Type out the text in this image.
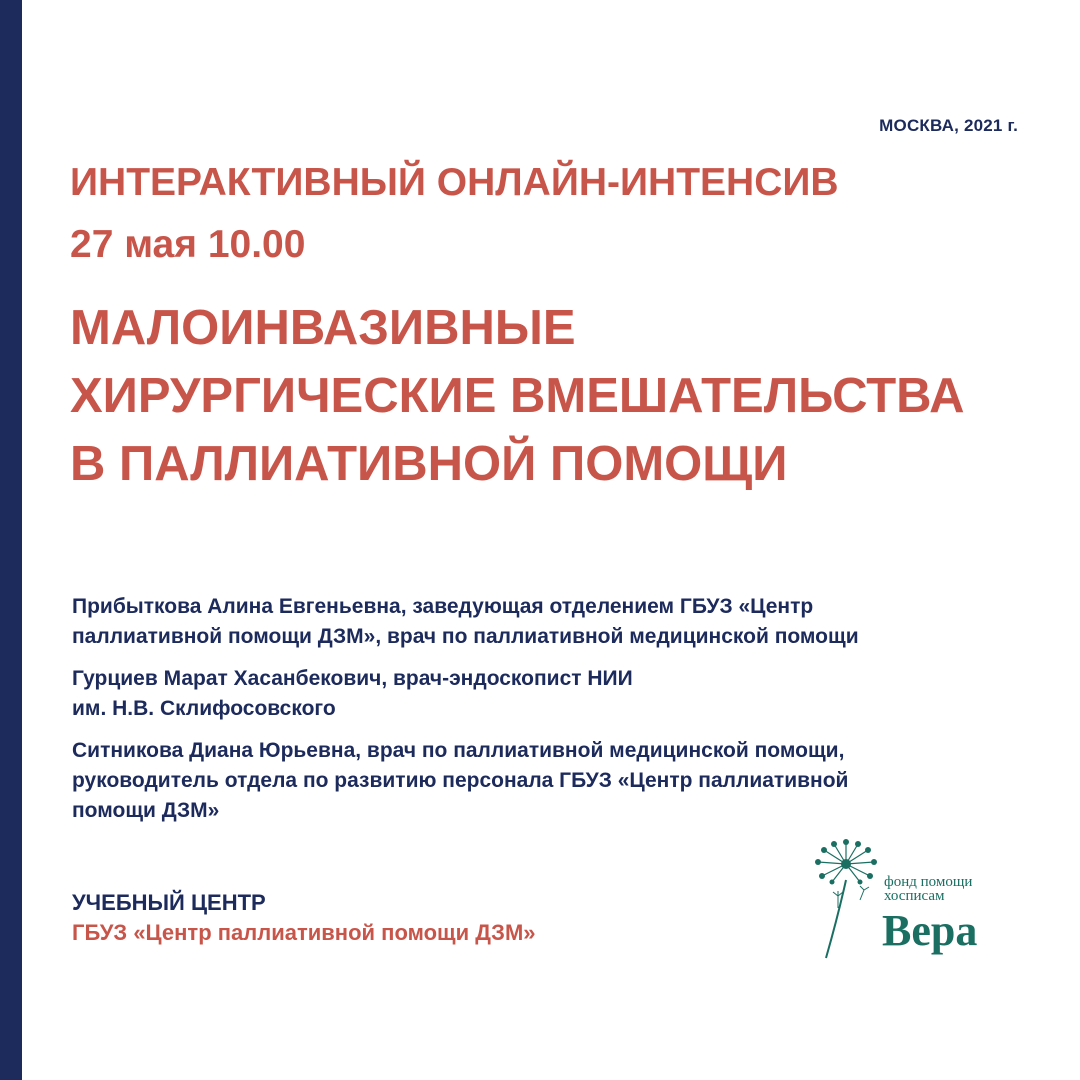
МОСКВА, 2021 г.
ИНТЕРАКТИВНЫЙ ОНЛАЙН-ИНТЕНСИВ
27 мая 10.00
МАЛОИНВАЗИВНЫЕ
ХИРУРГИЧЕСКИЕ ВМЕШАТЕЛЬСТВА
В ПАЛЛИАТИВНОЙ ПОМОЩИ
Прибыткова Алина Евгеньевна, заведующая отделением ГБУЗ «Центр
паллиативной помощи ДЗМ», врач по паллиативной медицинской помощи
Гурциев Марат Хасанбекович, врач-эндоскопист НИИ
им. Н.В. Склифосовского
Ситникова Диана Юрьевна, врач по паллиативной медицинской помощи,
руководитель отдела по развитию персонала ГБУЗ «Центр паллиативной
помощи ДЗМ»
УЧЕБНЫЙ ЦЕНТР
ГБУЗ «Центр паллиативной помощи ДЗМ»
фонд помощи
хосписам
Вера
